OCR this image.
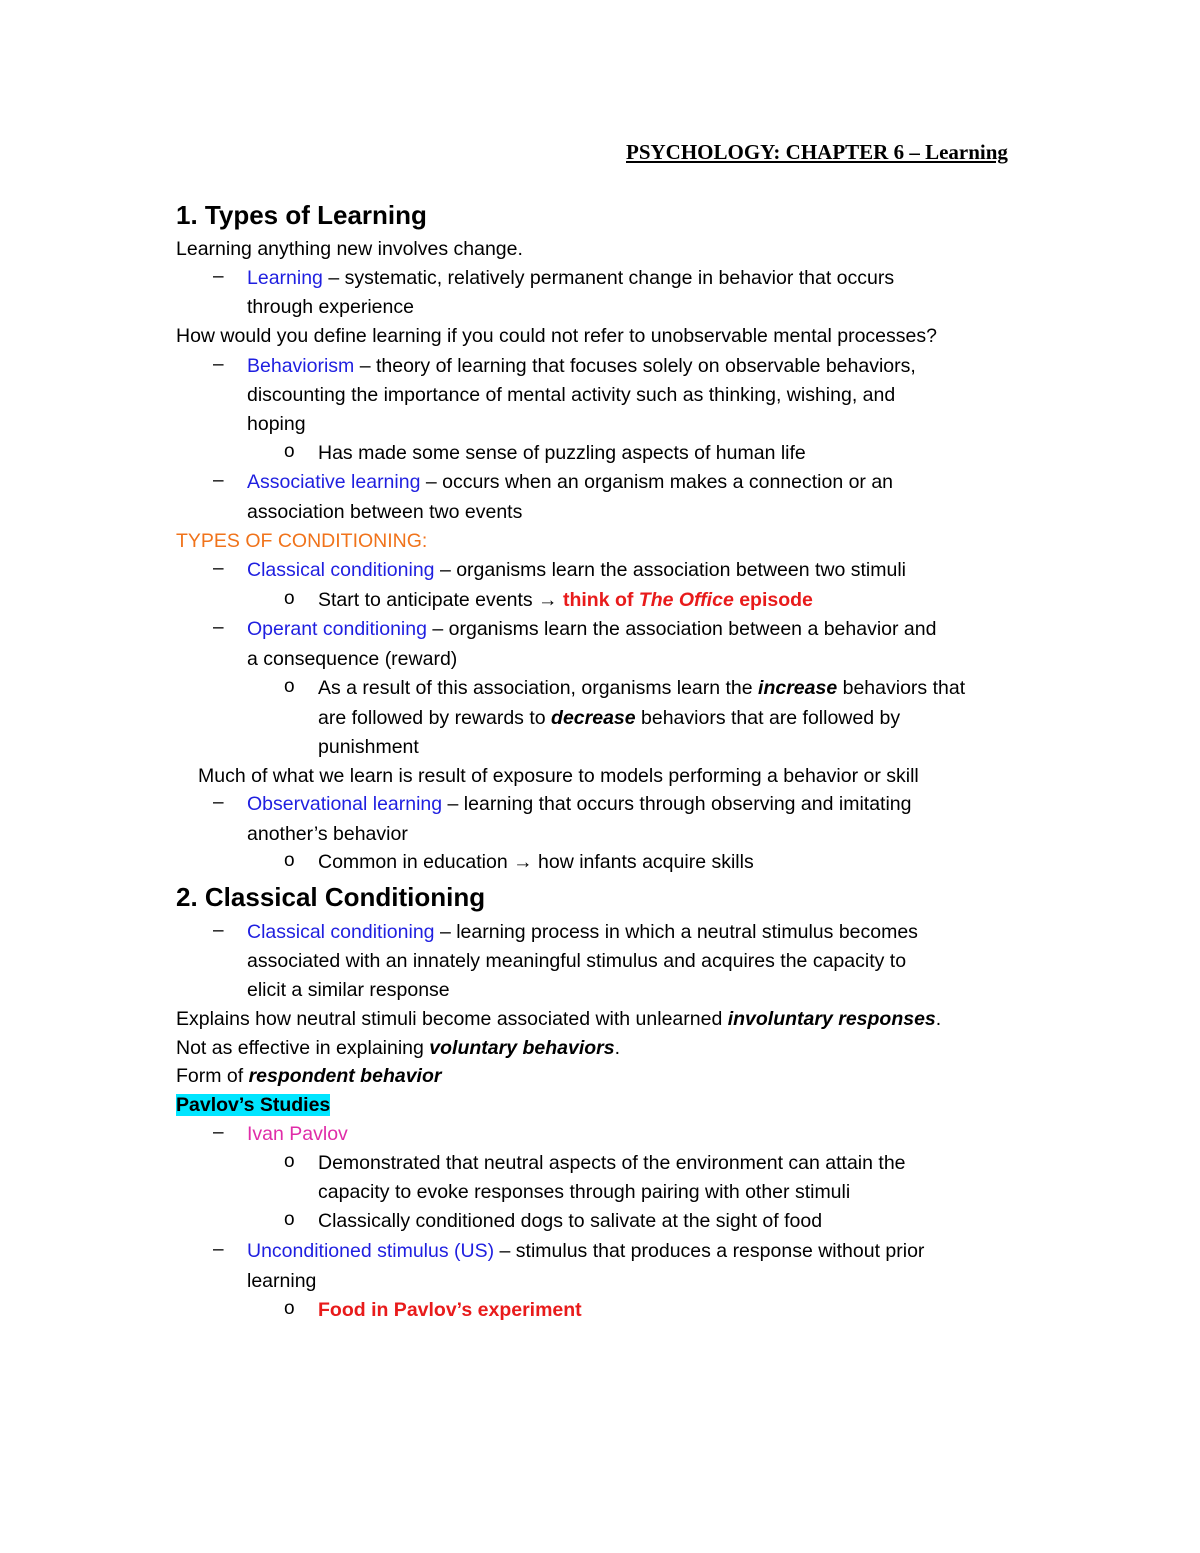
PSYCHOLOGY: CHAPTER 6 – Learning
1. Types of Learning
Learning anything new involves change.
– Learning – systematic, relatively permanent change in behavior that occurs
through experience
How would you define learning if you could not refer to unobservable mental processes?
– Behaviorism – theory of learning that focuses solely on observable behaviors,
discounting the importance of mental activity such as thinking, wishing, and
hoping
o Has made some sense of puzzling aspects of human life
– Associative learning – occurs when an organism makes a connection or an
association between two events
TYPES OF CONDITIONING:
– Classical conditioning – organisms learn the association between two stimuli
o Start to anticipate events → think of The Office episode
– Operant conditioning – organisms learn the association between a behavior and
a consequence (reward)
o As a result of this association, organisms learn the increase behaviors that
are followed by rewards to decrease behaviors that are followed by
punishment
Much of what we learn is result of exposure to models performing a behavior or skill
– Observational learning – learning that occurs through observing and imitating
another’s behavior
o Common in education → how infants acquire skills
2. Classical Conditioning
– Classical conditioning – learning process in which a neutral stimulus becomes
associated with an innately meaningful stimulus and acquires the capacity to
elicit a similar response
Explains how neutral stimuli become associated with unlearned involuntary responses.
Not as effective in explaining voluntary behaviors.
Form of respondent behavior
Pavlov’s Studies
– Ivan Pavlov
o Demonstrated that neutral aspects of the environment can attain the
capacity to evoke responses through pairing with other stimuli
o Classically conditioned dogs to salivate at the sight of food
– Unconditioned stimulus (US) – stimulus that produces a response without prior
learning
o Food in Pavlov’s experiment
